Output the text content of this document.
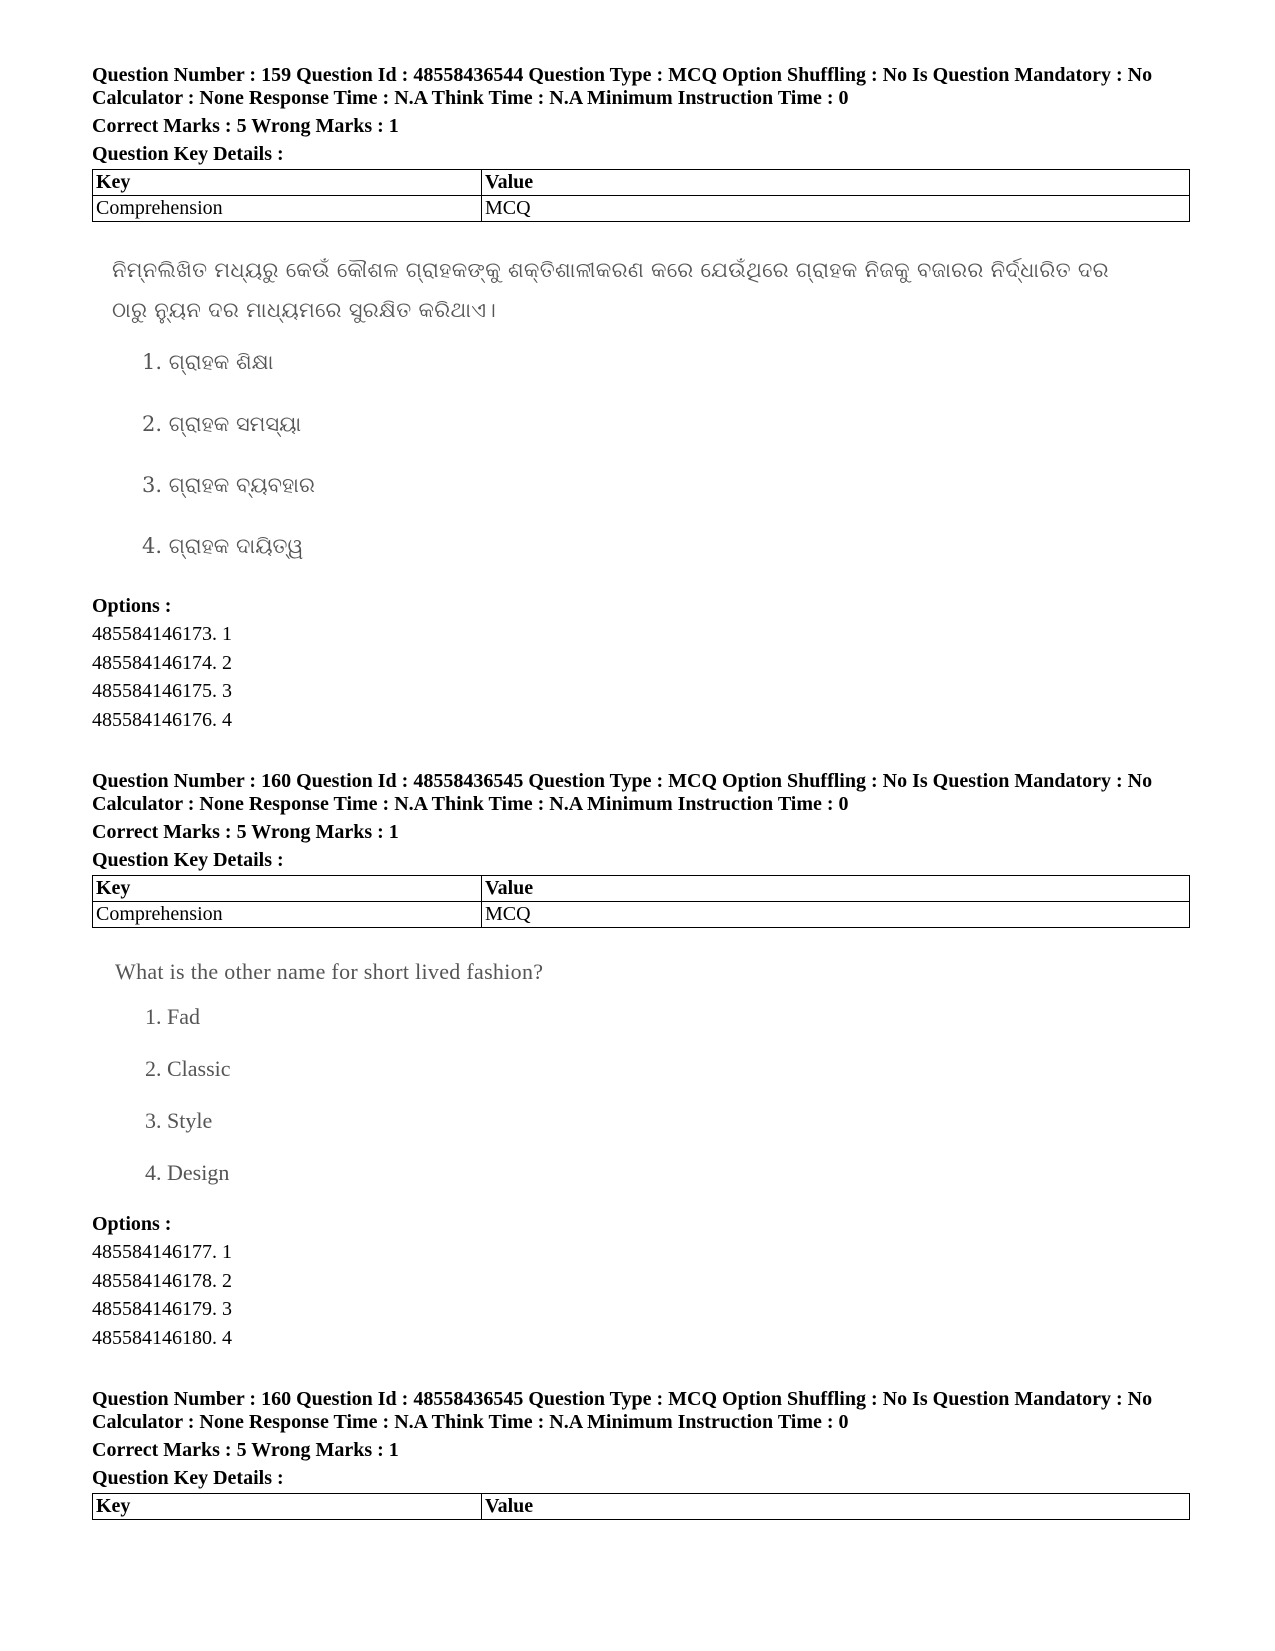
Question Number : 159 Question Id : 48558436544 Question Type : MCQ Option Shuffling : No Is Question Mandatory : No Calculator : None Response Time : N.A Think Time : N.A Minimum Instruction Time : 0

Correct Marks : 5 Wrong Marks : 1

Question Key Details :

Key	Value
Comprehension	MCQ
ନିମ୍ନଲିଖିତ ମଧ୍ୟରୁ କେଉଁ କୌଶଳ ଗ୍ରାହକଙ୍କୁ ଶକ୍ତିଶାଳୀକରଣ କରେ ଯେଉଁଥିରେ ଗ୍ରାହକ ନିଜକୁ ବଜାରର ନିର୍ଦ୍ଧାରିତ ଦର ଠାରୁ ନ୍ୟୁନ ଦର ମାଧ୍ୟମରେ ସୁରକ୍ଷିତ କରିଥାଏ।
1. ଗ୍ରାହକ ଶିକ୍ଷା
2. ଗ୍ରାହକ ସମସ୍ୟା
3. ଗ୍ରାହକ ବ୍ୟବହାର
4. ଗ୍ରାହକ ଦାୟିତ୍ୱ

Options :

485584146173. 1

485584146174. 2

485584146175. 3

485584146176. 4

Question Number : 160 Question Id : 48558436545 Question Type : MCQ Option Shuffling : No Is Question Mandatory : No Calculator : None Response Time : N.A Think Time : N.A Minimum Instruction Time : 0

Correct Marks : 5 Wrong Marks : 1

Question Key Details :

Key	Value
Comprehension	MCQ
What is the other name for short lived fashion?
1. Fad
2. Classic
3. Style
4. Design

Options :

485584146177. 1

485584146178. 2

485584146179. 3

485584146180. 4

Question Number : 160 Question Id : 48558436545 Question Type : MCQ Option Shuffling : No Is Question Mandatory : No Calculator : None Response Time : N.A Think Time : N.A Minimum Instruction Time : 0

Correct Marks : 5 Wrong Marks : 1

Question Key Details :

Key	Value
